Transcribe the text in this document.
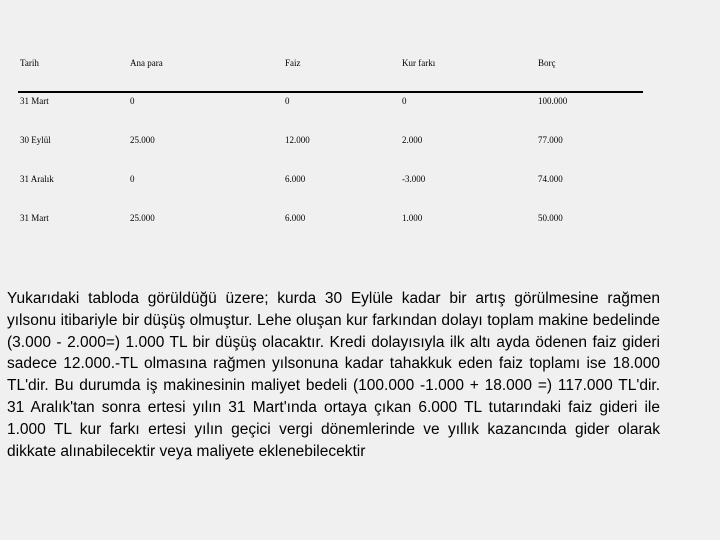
Tarih	Ana para	Faiz	Kur farkı	Borç
31 Mart	0	0	0	100.000
30 Eylül	25.000	12.000	2.000	77.000
31 Aralık	0	6.000	-3.000	74.000
31 Mart	25.000	6.000	1.000	50.000

Yukarıdaki tabloda görüldüğü üzere; kurda 30 Eylüle kadar bir artış görülmesine rağmen yılsonu itibariyle bir düşüş olmuştur. Lehe oluşan kur farkından dolayı toplam makine bedelinde (3.000 - 2.000=) 1.000 TL bir düşüş olacaktır. Kredi dolayısıyla ilk altı ayda ödenen faiz gideri sadece 12.000.-TL olmasına rağmen yılsonuna kadar tahakkuk eden faiz toplamı ise 18.000 TL'dir. Bu durumda iş makinesinin maliyet bedeli (100.000 -1.000 + 18.000 =) 117.000 TL'dir. 31 Aralık'tan sonra ertesi yılın 31 Mart'ında ortaya çıkan 6.000 TL tutarındaki faiz gideri ile 1.000 TL kur farkı ertesi yılın geçici vergi dönemlerinde ve yıllık kazancında gider olarak dikkate alınabilecektir veya maliyete eklenebilecektir
